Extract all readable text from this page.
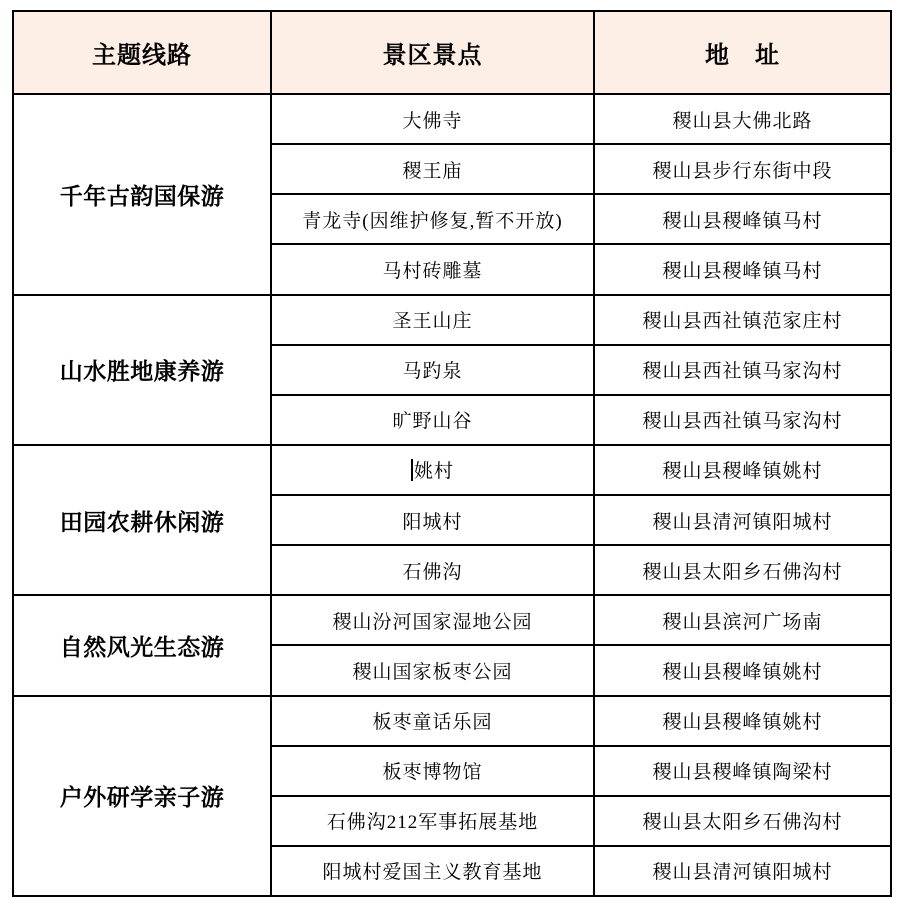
主题线路	景区景点	地　址
千年古韵国保游	大佛寺	稷山县大佛北路
	稷王庙	稷山县步行东街中段
	青龙寺(因维护修复,暂不开放)	稷山县稷峰镇马村
	马村砖雕墓	稷山县稷峰镇马村
山水胜地康养游	圣王山庄	稷山县西社镇范家庄村
	马趵泉	稷山县西社镇马家沟村
	旷野山谷	稷山县西社镇马家沟村
田园农耕休闲游	姚村	稷山县稷峰镇姚村
	阳城村	稷山县清河镇阳城村
	石佛沟	稷山县太阳乡石佛沟村
自然风光生态游	稷山汾河国家湿地公园	稷山县滨河广场南
	稷山国家板枣公园	稷山县稷峰镇姚村
户外研学亲子游	板枣童话乐园	稷山县稷峰镇姚村
	板枣博物馆	稷山县稷峰镇陶梁村
	石佛沟212军事拓展基地	稷山县太阳乡石佛沟村
	阳城村爱国主义教育基地	稷山县清河镇阳城村
